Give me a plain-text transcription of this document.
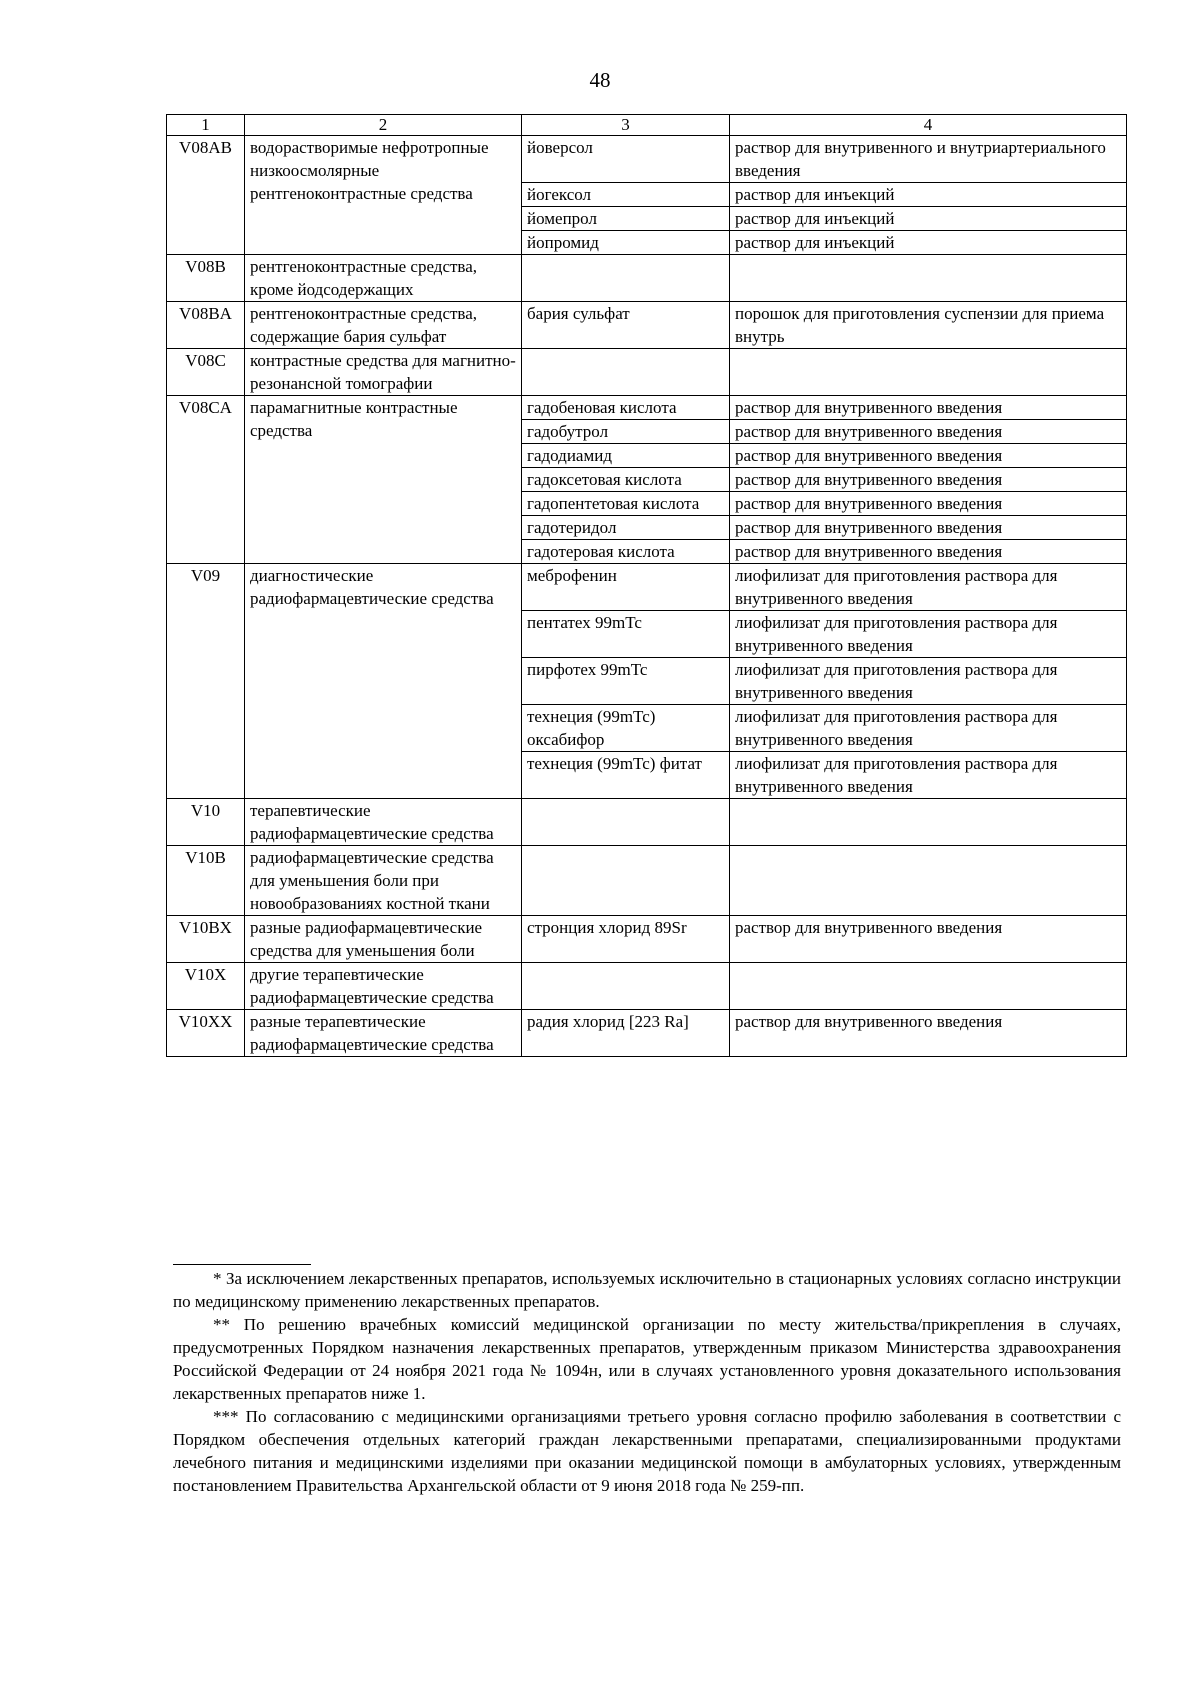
48
1	2	3	4
V08AB	водорастворимые нефротропные низкоосмолярные рентгеноконтрастные средства	йоверсол	раствор для внутривенного и внутриартериального введения
		йогексол	раствор для инъекций
		йомепрол	раствор для инъекций
		йопромид	раствор для инъекций
V08B	рентгеноконтрастные средства, кроме йодсодержащих		
V08BA	рентгеноконтрастные средства, содержащие бария сульфат	бария сульфат	порошок для приготовления суспензии для приема внутрь
V08C	контрастные средства для магнитно-резонансной томографии		
V08CA	парамагнитные контрастные средства	гадобеновая кислота	раствор для внутривенного введения
		гадобутрол	раствор для внутривенного введения
		гадодиамид	раствор для внутривенного введения
		гадоксетовая кислота	раствор для внутривенного введения
		гадопентетовая кислота	раствор для внутривенного введения
		гадотеридол	раствор для внутривенного введения
		гадотеровая кислота	раствор для внутривенного введения
V09	диагностические радиофармацевтические средства	меброфенин	лиофилизат для приготовления раствора для внутривенного введения
		пентатех 99mTc	лиофилизат для приготовления раствора для внутривенного введения
		пирфотех 99mTc	лиофилизат для приготовления раствора для внутривенного введения
		технеция (99mTc) оксабифор	лиофилизат для приготовления раствора для внутривенного введения
		технеция (99mTc) фитат	лиофилизат для приготовления раствора для внутривенного введения
V10	терапевтические радиофармацевтические средства		
V10B	радиофармацевтические средства для уменьшения боли при новообразованиях костной ткани		
V10BX	разные радиофармацевтические средства для уменьшения боли	стронция хлорид 89Sr	раствор для внутривенного введения
V10X	другие терапевтические радиофармацевтические средства		
V10XX	разные терапевтические радиофармацевтические средства	радия хлорид [223 Ra]	раствор для внутривенного введения

* За исключением лекарственных препаратов, используемых исключительно в стационарных условиях согласно инструкции по медицинскому применению лекарственных препаратов.

** По решению врачебных комиссий медицинской организации по месту жительства/прикрепления в случаях, предусмотренных Порядком назначения лекарственных препаратов, утвержденным приказом Министерства здравоохранения Российской Федерации от 24 ноября 2021 года № 1094н, или в случаях установленного уровня доказательного использования лекарственных препаратов ниже 1.

*** По согласованию с медицинскими организациями третьего уровня согласно профилю заболевания в соответствии с Порядком обеспечения отдельных категорий граждан лекарственными препаратами, специализированными продуктами лечебного питания и медицинскими изделиями при оказании медицинской помощи в амбулаторных условиях, утвержденным постановлением Правительства Архангельской области от 9 июня 2018 года № 259-пп.
